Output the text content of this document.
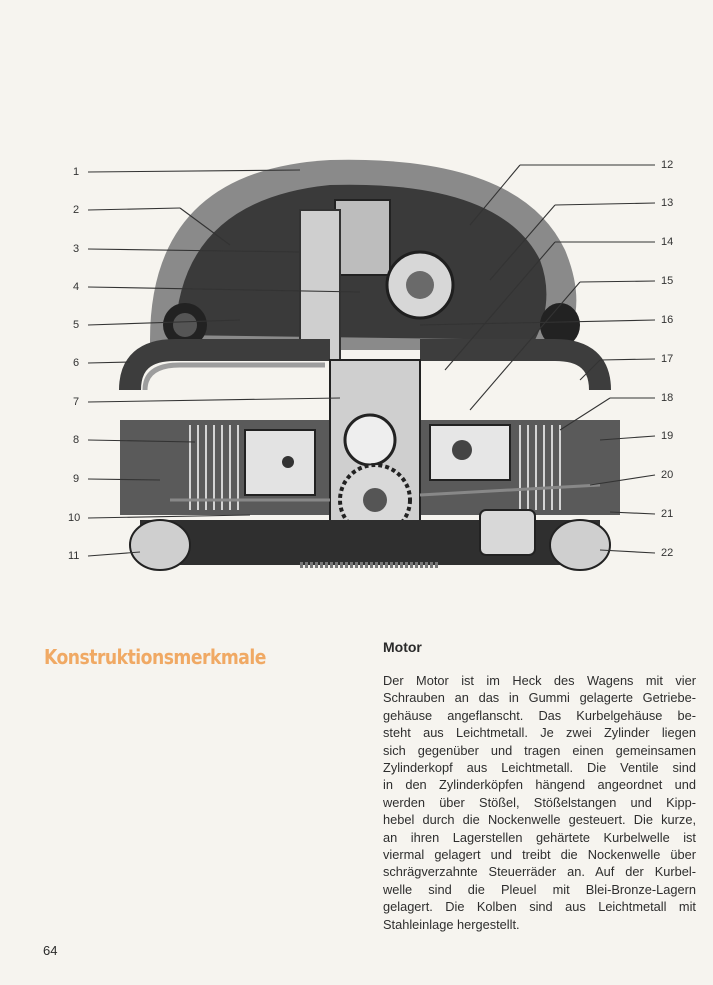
1
2
3
4
5
6
7
8
9
10
11
12
13
14
15
16
17
18
19
20
21
22
Konstruktionsmerkmale	Motor
Der Motor ist im Heck des Wagens mit vier
Schrauben an das in Gummi gelagerte Getriebe-
gehäuse angeflanscht. Das Kurbelgehäuse be-
steht aus Leichtmetall. Je zwei Zylinder liegen
sich gegenüber und tragen einen gemeinsamen
Zylinderkopf aus Leichtmetall. Die Ventile sind
in den Zylinderköpfen hängend angeordnet und
werden über Stößel, Stößelstangen und Kipp-
hebel durch die Nockenwelle gesteuert. Die kurze,
an ihren Lagerstellen gehärtete Kurbelwelle ist
viermal gelagert und treibt die Nockenwelle über
schrägverzahnte Steuerräder an. Auf der Kurbel-
welle sind die Pleuel mit Blei-Bronze-Lagern
gelagert. Die Kolben sind aus Leichtmetall mit
Stahleinlage hergestellt.
64
